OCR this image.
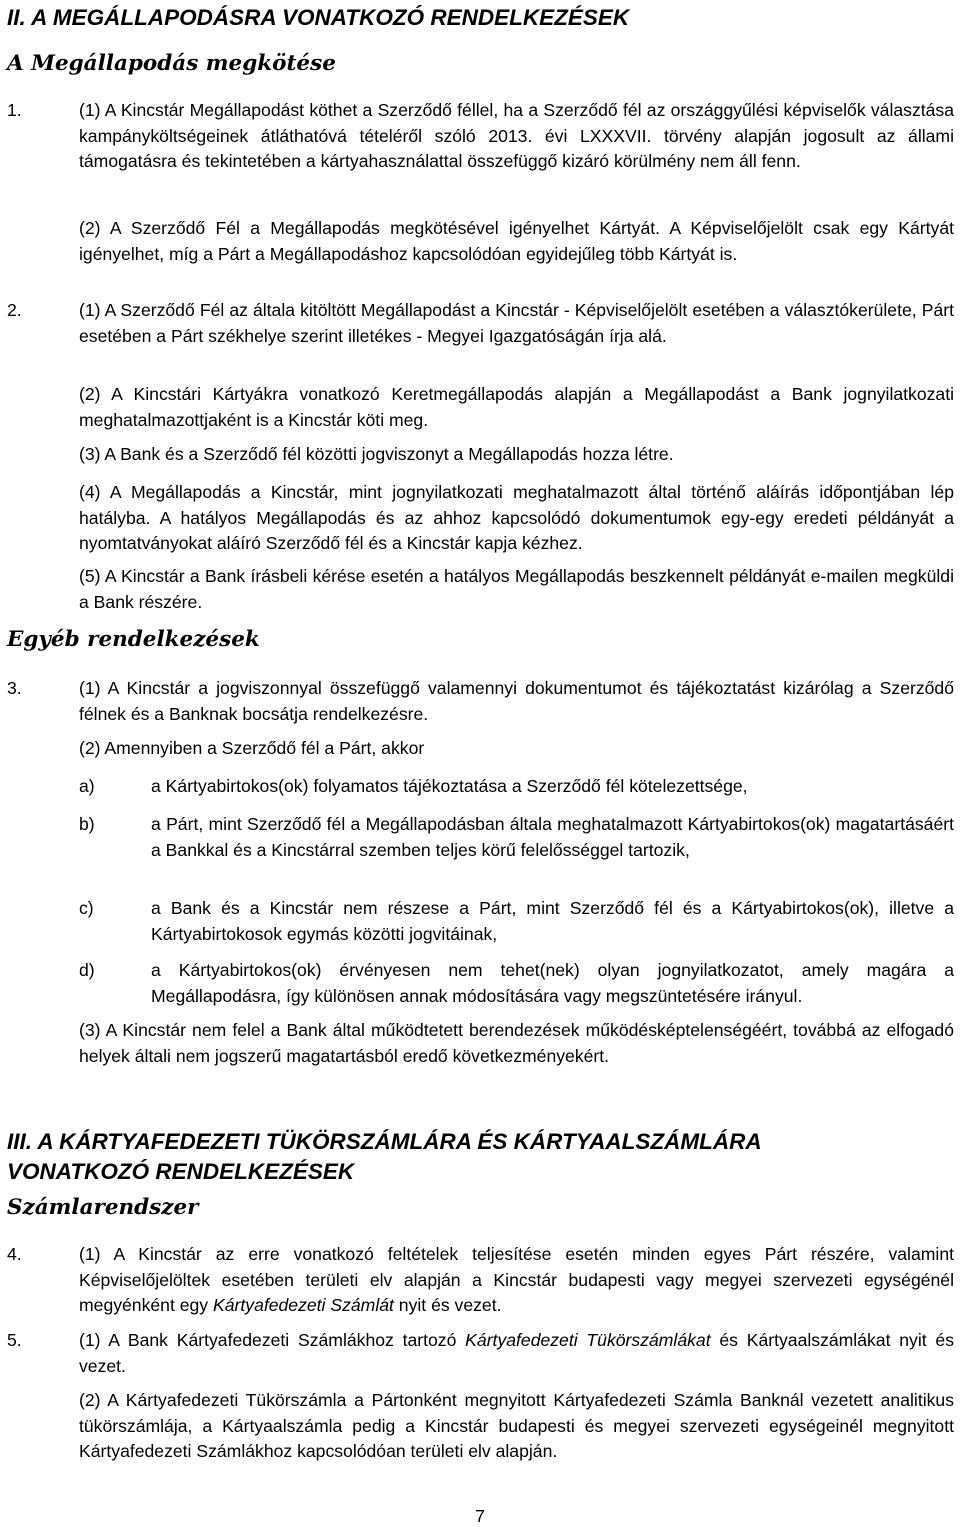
II. A MEGÁLLAPODÁSRA VONATKOZÓ RENDELKEZÉSEK
A Megállapodás megkötése

1.	(1) A Kincstár Megállapodást köthet a Szerződő féllel, ha a Szerződő fél az országgyűlési képviselők választása kampányköltségeinek átláthatóvá tételéről szóló 2013. évi LXXXVII. törvény alapján jogosult az állami támogatásra és tekintetében a kártyahasználattal összefüggő kizáró körülmény nem áll fenn.

(2) A Szerződő Fél a Megállapodás megkötésével igényelhet Kártyát. A Képviselőjelölt csak egy Kártyát igényelhet, míg a Párt a Megállapodáshoz kapcsolódóan egyidejűleg több Kártyát is.

2.	(1) A Szerződő Fél az általa kitöltött Megállapodást a Kincstár - Képviselőjelölt esetében a választókerülete, Párt esetében a Párt székhelye szerint illetékes - Megyei Igazgatóságán írja alá.

(2) A Kincstári Kártyákra vonatkozó Keretmegállapodás alapján a Megállapodást a Bank jognyilatkozati meghatalmazottjaként is a Kincstár köti meg.

(3) A Bank és a Szerződő fél közötti jogviszonyt a Megállapodás hozza létre.

(4) A Megállapodás a Kincstár, mint jognyilatkozati meghatalmazott által történő aláírás időpontjában lép hatályba. A hatályos Megállapodás és az ahhoz kapcsolódó dokumentumok egy-egy eredeti példányát a nyomtatványokat aláíró Szerződő fél és a Kincstár kapja kézhez.

(5) A Kincstár a Bank írásbeli kérése esetén a hatályos Megállapodás beszkennelt példányát e-mailen megküldi a Bank részére.

Egyéb rendelkezések

3.	(1) A Kincstár a jogviszonnyal összefüggő valamennyi dokumentumot és tájékoztatást kizárólag a Szerződő félnek és a Banknak bocsátja rendelkezésre.

(2) Amennyiben a Szerződő fél a Párt, akkor

a)	a Kártyabirtokos(ok) folyamatos tájékoztatása a Szerződő fél kötelezettsége,

b)	a Párt, mint Szerződő fél a Megállapodásban általa meghatalmazott Kártyabirtokos(ok) magatartásáért a Bankkal és a Kincstárral szemben teljes körű felelősséggel tartozik,

c)	a Bank és a Kincstár nem részese a Párt, mint Szerződő fél és a Kártyabirtokos(ok), illetve a Kártyabirtokosok egymás közötti jogvitáinak,

d)	a Kártyabirtokos(ok) érvényesen nem tehet(nek) olyan jognyilatkozatot, amely magára a Megállapodásra, így különösen annak módosítására vagy megszüntetésére irányul.

(3) A Kincstár nem felel a Bank által működtetett berendezések működésképtelenségéért, továbbá az elfogadó helyek általi nem jogszerű magatartásból eredő következményekért.

III. A KÁRTYAFEDEZETI TÜKÖRSZÁMLÁRA ÉS KÁRTYAALSZÁMLÁRA
VONATKOZÓ RENDELKEZÉSEK
Számlarendszer

4.	(1) A Kincstár az erre vonatkozó feltételek teljesítése esetén minden egyes Párt részére, valamint Képviselőjelöltek esetében területi elv alapján a Kincstár budapesti vagy megyei szervezeti egységénél megyénként egy Kártyafedezeti Számlát nyit és vezet.

5.	(1) A Bank Kártyafedezeti Számlákhoz tartozó Kártyafedezeti Tükörszámlákat és Kártyaalszámlákat nyit és vezet.

(2) A Kártyafedezeti Tükörszámla a Pártonként megnyitott Kártyafedezeti Számla Banknál vezetett analitikus tükörszámlája, a Kártyaalszámla pedig a Kincstár budapesti és megyei szervezeti egységeinél megnyitott Kártyafedezeti Számlákhoz kapcsolódóan területi elv alapján.

7
